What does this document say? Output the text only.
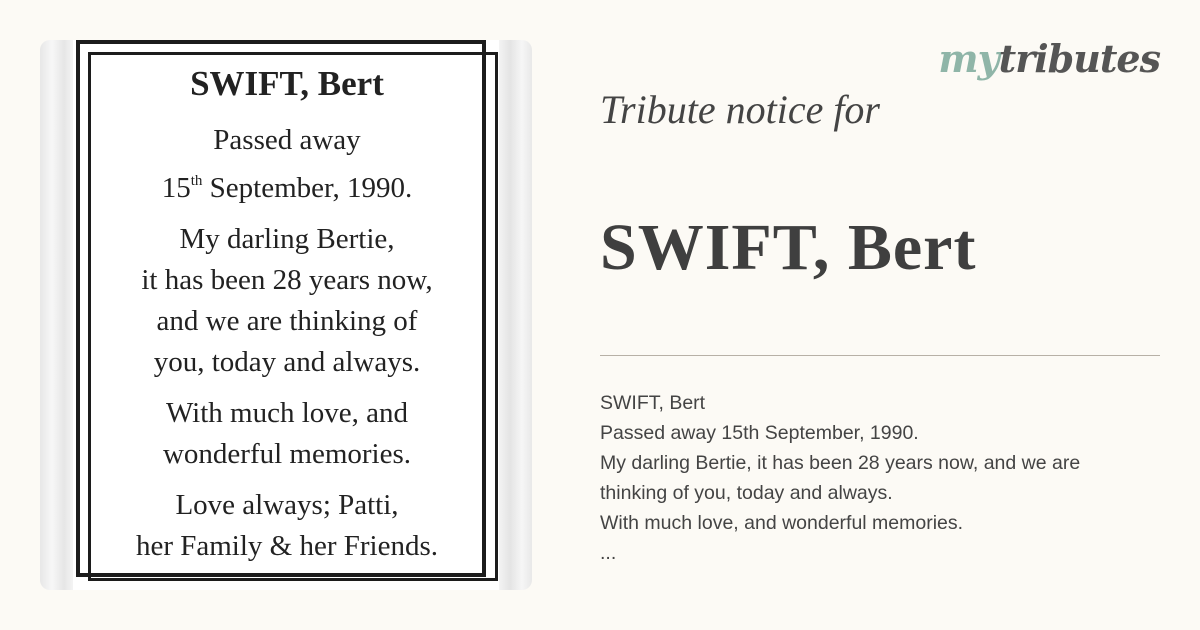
SWIFT, Bert
Passed away
15th September, 1990.
My darling Bertie,
it has been 28 years now,
and we are thinking of
you, today and always.
With much love, and
wonderful memories.
Love always; Patti,
her Family & her Friends.
mytributes
Tribute notice for
SWIFT, Bert
SWIFT, Bert
Passed away 15th September, 1990.
My darling Bertie, it has been 28 years now, and we are
thinking of you, today and always.
With much love, and wonderful memories.
...
